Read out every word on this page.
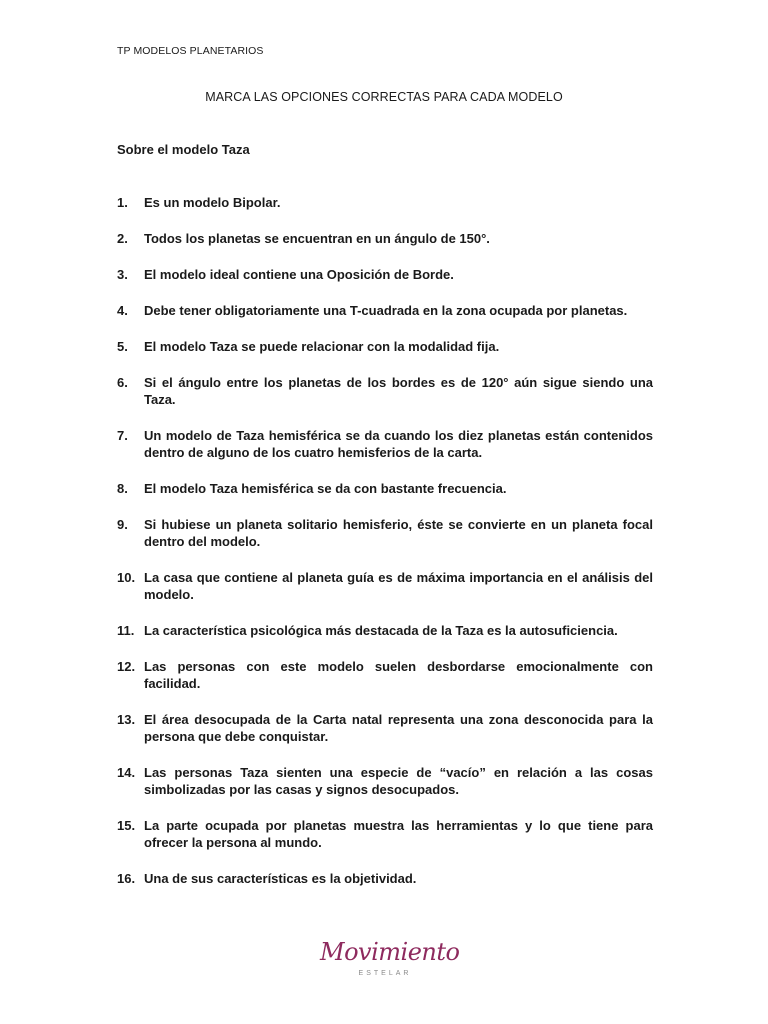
TP MODELOS PLANETARIOS
MARCA LAS OPCIONES CORRECTAS PARA CADA MODELO
Sobre el modelo Taza
1.	Es un modelo Bipolar.
2.	Todos los planetas se encuentran en un ángulo de 150°.
3.	El modelo ideal contiene una Oposición de Borde.
4.	Debe tener obligatoriamente una T-cuadrada en la zona ocupada por planetas.
5.	El modelo Taza se puede relacionar con la modalidad fija.
6.	Si el ángulo entre los planetas de los bordes es de 120° aún sigue siendo una Taza.
7.	Un modelo de Taza hemisférica se da cuando los diez planetas están contenidos dentro de alguno de los cuatro hemisferios de la carta.
8.	El modelo Taza hemisférica se da con bastante frecuencia.
9.	Si hubiese un planeta solitario hemisferio, éste se convierte en un planeta focal dentro del modelo.
10. La casa que contiene al planeta guía es de máxima importancia en el análisis del modelo.
11. La característica psicológica más destacada de la Taza es la autosuficiencia.
12. Las personas con este modelo suelen desbordarse emocionalmente con facilidad.
13. El área desocupada de la Carta natal representa una zona desconocida para la persona que debe conquistar.
14. Las personas Taza sienten una especie de “vacío” en relación a las cosas simbolizadas por las casas y signos desocupados.
15. La parte ocupada por planetas muestra las herramientas y lo que tiene para ofrecer la persona al mundo.
16. Una de sus características es la objetividad.
Movimiento
ESTELAR
